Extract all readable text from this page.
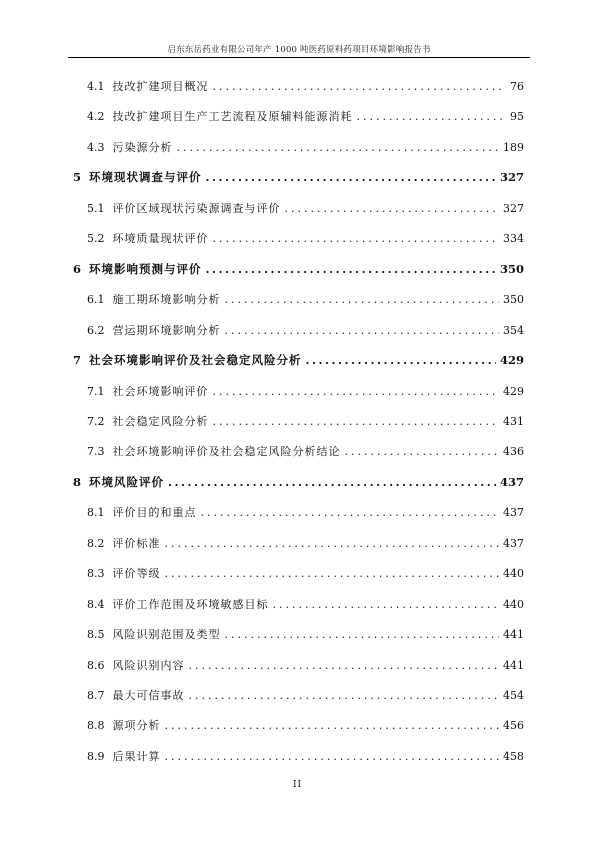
启东东岳药业有限公司年产 1000 吨医药原料药项目环境影响报告书
4.1 技改扩建项目概况 .....	76
4.2 技改扩建项目生产工艺流程及原辅料能源消耗 .....	95
4.3 污染源分析 .....	189
5 环境现状调查与评价 .....	327
5.1 评价区域现状污染源调查与评价 .....	327
5.2 环境质量现状评价 .....	334
6 环境影响预测与评价 .....	350
6.1 施工期环境影响分析 .....	350
6.2 营运期环境影响分析 .....	354
7 社会环境影响评价及社会稳定风险分析 .....	429
7.1 社会环境影响评价 .....	429
7.2 社会稳定风险分析 .....	431
7.3 社会环境影响评价及社会稳定风险分析结论 .....	436
8 环境风险评价 .....	437
8.1 评价目的和重点 .....	437
8.2 评价标准 .....	437
8.3 评价等级 .....	440
8.4 评价工作范围及环境敏感目标 .....	440
8.5 风险识别范围及类型 .....	441
8.6 风险识别内容 .....	441
8.7 最大可信事故 .....	454
8.8 源项分析 .....	456
8.9 后果计算 .....	458
II
